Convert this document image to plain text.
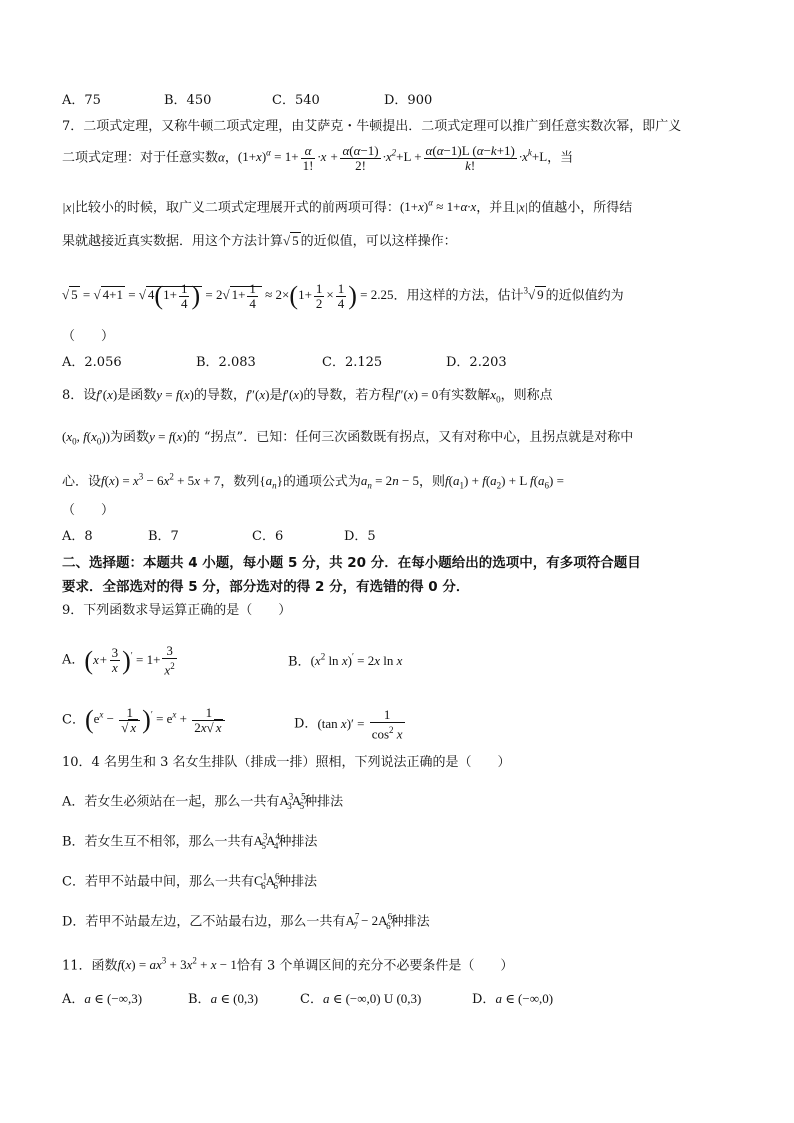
A．75	B．450	C．540	D．900
7．二项式定理，又称牛顿二项式定理，由艾萨克・牛顿提出．二项式定理可以推广到任意实数次幂，即广义
二项式定理：对于任意实数α，$(1+x)^\alpha = 1+ \frac{\alpha}{1!} \cdot x + \frac{\alpha(\alpha-1)}{2!} \cdot x^2+L + \frac{\alpha(\alpha-1)L (\alpha-k+1)}{k!} \cdot x^k+L$，当
|x|比较小的时候，取广义二项式定理展开式的前两项可得：$(1+x)^\alpha \approx 1+\alpha\cdot x$，并且|x|的值越小，所得结
果就越接近真实数据．用这个方法计算√ 5 的近似值，可以这样操作：
√ 5 = √ 4+1 = √ $4(1+ \frac{1}{4}$ ) = 2√ $1+ \frac{1}{4} \approx 2\times(1+ \frac{1}{2} \times \frac{1}{4}$ ) = 2.25．用这样的方法，估计$^3$√ 9 的近似值约为
（　　）
A．2.056	B．2.083	C．2.125	D．2.203
8．设f′(x)是函数y = f(x)的导数，f″(x)是f′(x)的导数，若方程f″(x) = 0有实数解$x_0$，则称点
($x_0$, $f(x_0)$)为函数y = f(x)的 “拐点”．已知：任何三次函数既有拐点，又有对称中心，且拐点就是对称中
心．设$f(x) = x^3 - 6x^2 + 5x + 7$，数列$\{a_n\}$的通项公式为$a_n = 2n - 5$，则$f(a_1) + f(a_2) + L$ $f(a_6)$ =
（　　）
A．8	B．7	C．6	D．5
二、选择题：本题共 4 小题，每小题 5 分，共 20 分．在每小题给出的选项中，有多项符合题目
要求．全部选对的得 5 分，部分选对的得 2 分，有选错的得 0 分．
9．下列函数求导运算正确的是（　　）
A．$(x+ \frac{3}{x} )' = 1+ \frac{3}{x^2}$	B．($x^2$ ln x)′ = 2x ln x
C．$(e^x - \frac{1}{√ x} )' = e^x + \frac{1}{2x√ x}$	D．(tan $x)' = \frac{1}{\cos^2 x}$
10．4 名男生和 3 名女生排队（排成一排）照相，下列说法正确的是（　　）
A．若女生必须站在一起，那么一共有$A^3_3A^5_5$种排法
B．若女生互不相邻，那么一共有$A^3_5A^4_4$种排法
C．若甲不站最中间，那么一共有$C^1_6A^6_6$种排法
D．若甲不站最左边，乙不站最右边，那么一共有$A^7_7 - 2A^6_6$种排法
11．函数$f(x) = ax^3 + 3x^2 + x - 1$恰有 3 个单调区间的充分不必要条件是（　　）
A．a ∈ (−∞,3)	B．a ∈ (0,3)	C．a ∈ (−∞,0) U (0,3)	D．a ∈ (−∞,0)
